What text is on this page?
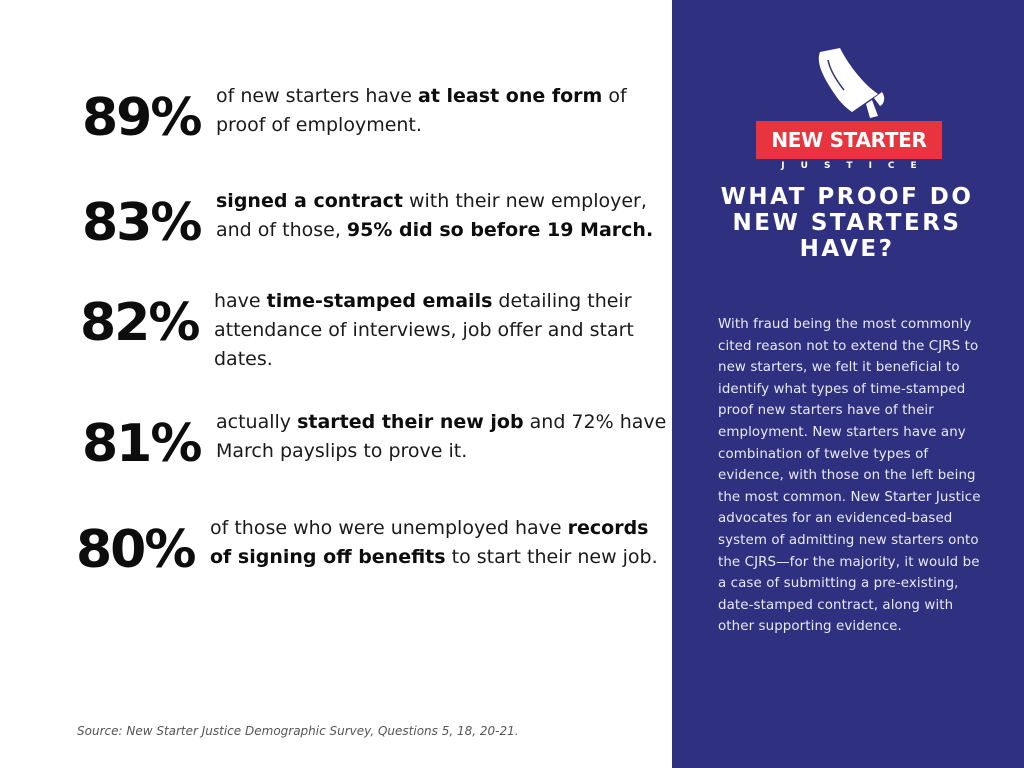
89% of new starters have at least one form of proof of employment.
83% signed a contract with their new employer, and of those, 95% did so before 19 March.
82% have time-stamped emails detailing their attendance of interviews, job offer and start dates.
81% actually started their new job and 72% have March payslips to prove it.
80% of those who were unemployed have records of signing off benefits to start their new job.
Source: New Starter Justice Demographic Survey, Questions 5, 18, 20-21.
NEW STARTER
JUSTICE
WHAT PROOF DO NEW STARTERS HAVE?
With fraud being the most commonly cited reason not to extend the CJRS to new starters, we felt it beneficial to identify what types of time-stamped proof new starters have of their employment. New starters have any combination of twelve types of evidence, with those on the left being the most common. New Starter Justice advocates for an evidenced-based system of admitting new starters onto the CJRS—for the majority, it would be a case of submitting a pre-existing, date-stamped contract, along with other supporting evidence.
